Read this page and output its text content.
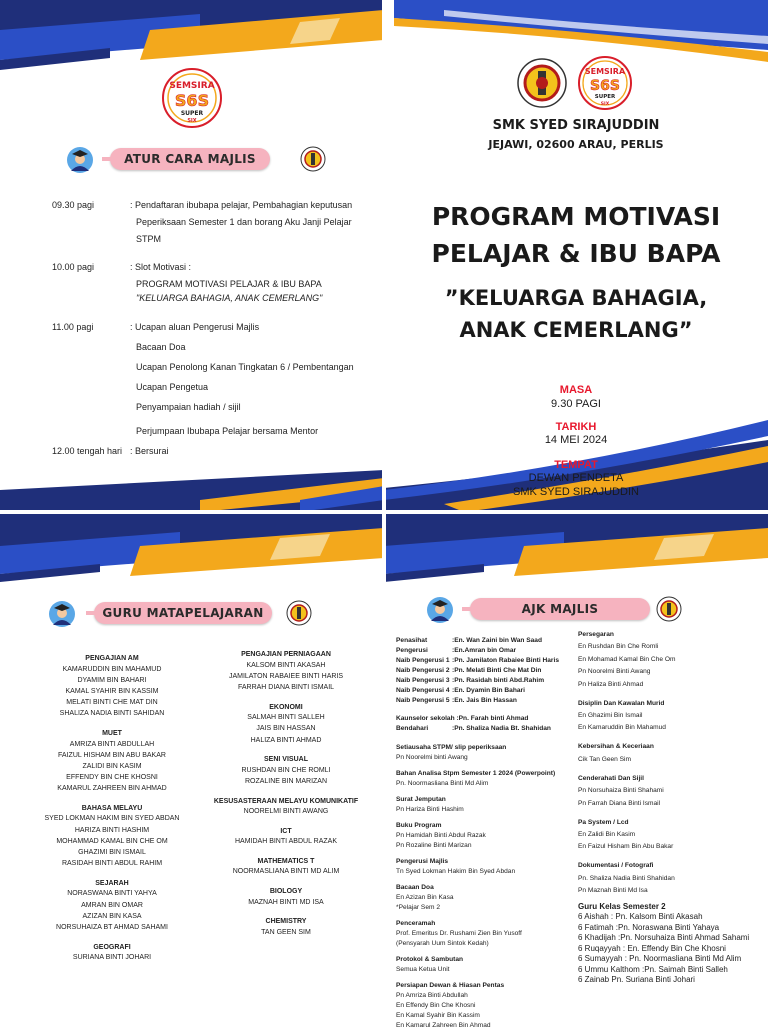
SEMSIRA
S6S
SUPER
SIX
ATUR CARA MAJLIS
09.30 pagi	: Pendaftaran ibubapa pelajar, Pembahagian keputusan
Peperiksaan Semester 1 dan borang Aku Janji Pelajar
STPM
10.00 pagi	: Slot Motivasi :
PROGRAM MOTIVASI PELAJAR & IBU BAPA
"KELUARGA BAHAGIA, ANAK CEMERLANG"
11.00 pagi	: Ucapan aluan Pengerusi Majlis
Bacaan Doa
Ucapan Penolong Kanan Tingkatan 6 / Pembentangan
Ucapan Pengetua
Penyampaian hadiah / sijil
Perjumpaan Ibubapa Pelajar bersama Mentor
12.00 tengah hari : Bersurai
SEMSIRA
S6S
SUPER
SIX
SMK SYED SIRAJUDDIN
JEJAWI, 02600 ARAU, PERLIS
PROGRAM MOTIVASI
PELAJAR & IBU BAPA
”KELUARGA BAHAGIA,
ANAK CEMERLANG”
MASA
9.30 PAGI
TARIKH
14 MEI 2024
TEMPAT
DEWAN PENDETA
SMK SYED SIRAJUDDIN
GURU MATAPELAJARAN
PENGAJIAN AM
KAMARUDDIN BIN MAHAMUD
DYAMIM BIN BAHARI
KAMAL SYAHIR BIN KASSIM
MELATI BINTI CHE MAT DIN
SHALIZA NADIA BINTI SAHIDAN
MUET
AMRIZA BINTI ABDULLAH
FAIZUL HISHAM BIN ABU BAKAR
ZALIDI BIN KASIM
EFFENDY BIN CHE KHOSNI
KAMARUL ZAHREEN BIN AHMAD
BAHASA MELAYU
SYED LOKMAN HAKIM BIN SYED ABDAN
HARIZA BINTI HASHIM
MOHAMMAD KAMAL BIN CHE OM
GHAZIMI BIN ISMAIL
RASIDAH BINTI ABDUL RAHIM
SEJARAH
NORASWANA BINTI YAHYA
AMRAN BIN OMAR
AZIZAN BIN KASA
NORSUHAIZA BT AHMAD SAHAMI
GEOGRAFI
SURIANA BINTI JOHARI
PENGAJIAN PERNIAGAAN
KALSOM BINTI AKASAH
JAMILATON RABAIEE BINTI HARIS
FARRAH DIANA BINTI ISMAIL
EKONOMI
SALMAH BINTI SALLEH
JAIS BIN HASSAN
HALIZA BINTI AHMAD
SENI VISUAL
RUSHDAN BIN CHE ROMLI
ROZALINE BIN MARIZAN
KESUSASTERAAN MELAYU KOMUNIKATIF
NOORELMI BINTI AWANG
ICT
HAMIDAH BINTI ABDUL RAZAK
MATHEMATICS T
NOORMASLIANA BINTI MD ALIM
BIOLOGY
MAZNAH BINTI MD ISA
CHEMISTRY
TAN GEEN SIM
AJK MAJLIS
Penasihat	:En. Wan Zaini bin Wan Saad
Pengerusi	:En.Amran bin Omar
Naib Pengerusi 1 :Pn. Jamilaton Rabaiee Binti Haris
Naib Pengerusi 2 :Pn. Melati Binti Che Mat Din
Naib Pengerusi 3 :Pn. Rasidah binti Abd.Rahim
Naib Pengerusi 4 :En. Dyamin Bin Bahari
Naib Pengerusi 5 :En. Jais Bin Hassan
Kaunselor sekolah :Pn. Farah binti Ahmad
Bendahari	:Pn. Shaliza Nadia Bt. Shahidan
Setiausaha STPM/ slip peperiksaan
Pn Noorelmi binti Awang
Bahan Analisa Stpm Semester 1 2024 (Powerpoint)
Pn. Noormasliana Binti Md Alim
Surat Jemputan
Pn Hariza Binti Hashim
Buku Program
Pn Hamidah Binti Abdul Razak
Pn Rozaline Binti Marizan
Pengerusi Majlis
Tn Syed Lokman Hakim Bin Syed Abdan
Bacaan Doa
En Azizan Bin Kasa
*Pelajar Sem 2
Penceramah
Prof. Emeritus Dr. Rushami Zien Bin Yusoff
(Pensyarah Uum Sintok Kedah)
Protokol & Sambutan
Semua Ketua Unit
Persiapan Dewan & Hiasan Pentas
Pn Amriza Binti Abdullah
En Effendy Bin Che Khosni
En Kamal Syahir Bin Kassim
En Kamarul Zahreen Bin Ahmad
Persegaran
En Rushdan Bin Che Romli
En Mohamad Kamal Bin Che Om
Pn Noorelmi Binti Awang
Pn Haliza Binti Ahmad
Disiplin Dan Kawalan Murid
En Ghazimi Bin Ismail
En Kamaruddin Bin Mahamud
Kebersihan & Keceriaan
Cik Tan Geen Sim
Cenderahati Dan Sijil
Pn Norsuhaiza Binti Shahami
Pn Farrah Diana Binti Ismail
Pa System / Lcd
En Zalidi Bin Kasim
En Faizul Hisham Bin Abu Bakar
Dokumentasi / Fotografi
Pn. Shaliza Nadia Binti Shahidan
Pn Maznah Binti Md Isa
Guru Kelas Semester 2
6 Aishah : Pn. Kalsom Binti Akasah
6 Fatimah :Pn. Noraswana Binti Yahaya
6 Khadijah :Pn. Norsuhaiza Binti Ahmad Sahami
6 Ruqayyah : En. Effendy Bin Che Khosni
6 Sumayyah : Pn. Noormasliana Binti Md Alim
6 Ummu Kalthom :Pn. Saimah Binti Salleh
6 Zainab Pn. Suriana Binti Johari
